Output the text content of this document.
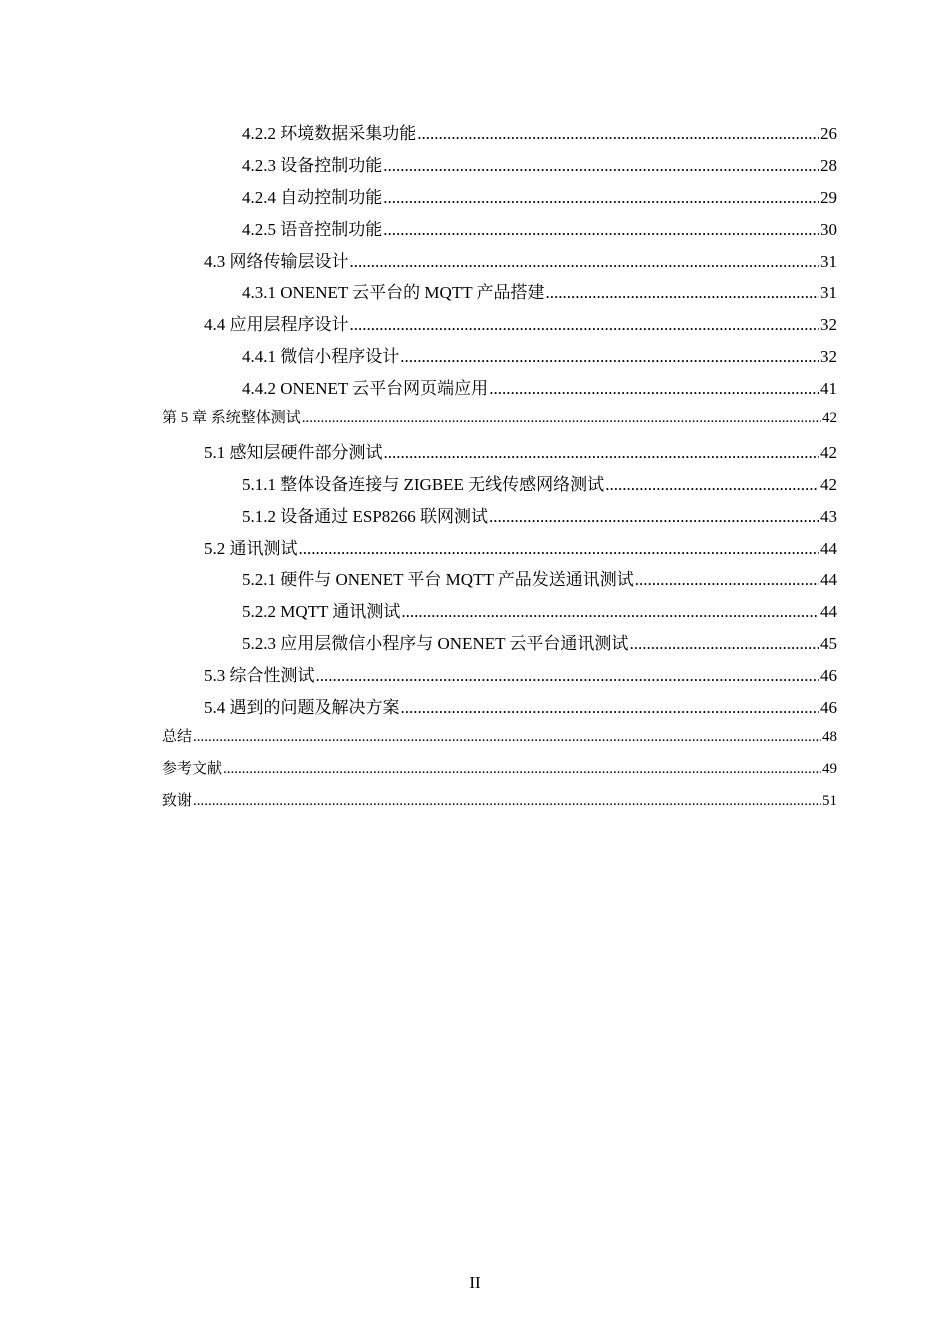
4.2.2 环境数据采集功能 .....	26
4.2.3 设备控制功能 .....	28
4.2.4 自动控制功能 .....	29
4.2.5 语音控制功能 .....	30
4.3 网络传输层设计 .....	31
4.3.1 ONENET 云平台的 MQTT 产品搭建 .....	31
4.4 应用层程序设计 .....	32
4.4.1 微信小程序设计 .....	32
4.4.2 ONENET 云平台网页端应用 .....	41
第 5 章 系统整体测试 .....	42
5.1 感知层硬件部分测试 .....	42
5.1.1 整体设备连接与 ZIGBEE 无线传感网络测试 .....	42
5.1.2 设备通过 ESP8266 联网测试 .....	43
5.2 通讯测试 .....	44
5.2.1 硬件与 ONENET 平台 MQTT 产品发送通讯测试 .....	44
5.2.2 MQTT 通讯测试 .....	44
5.2.3 应用层微信小程序与 ONENET 云平台通讯测试 .....	45
5.3 综合性测试 .....	46
5.4 遇到的问题及解决方案 .....	46
总结 .....	48
参考文献 .....	49
致谢 .....	51
II
